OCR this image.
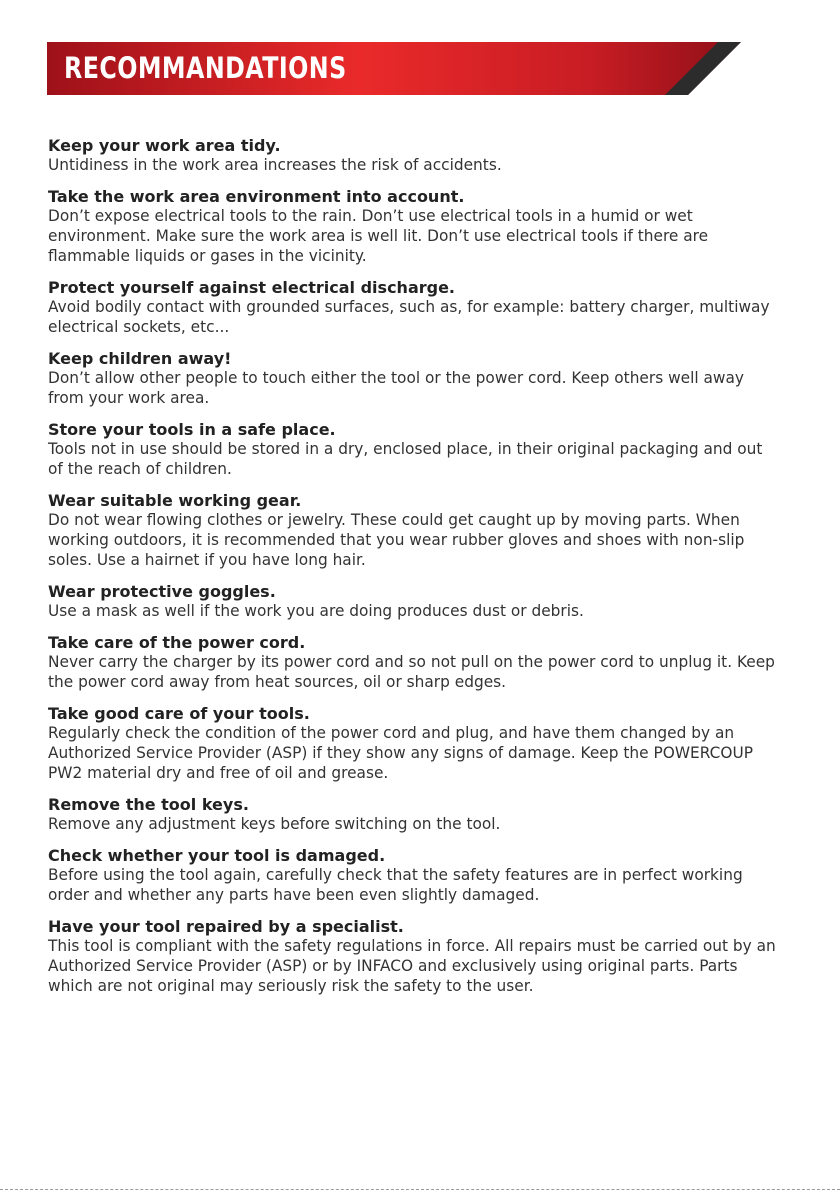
RECOMMANDATIONS
Keep your work area tidy.
Untidiness in the work area increases the risk of accidents.
Take the work area environment into account.
Don’t expose electrical tools to the rain. Don’t use electrical tools in a humid or wet environment. Make sure the work area is well lit. Don’t use electrical tools if there are flammable liquids or gases in the vicinity.
Protect yourself against electrical discharge.
Avoid bodily contact with grounded surfaces, such as, for example: battery charger, multiway electrical sockets, etc...
Keep children away!
Don’t allow other people to touch either the tool or the power cord. Keep others well away from your work area.
Store your tools in a safe place.
Tools not in use should be stored in a dry, enclosed place, in their original packaging and out of the reach of children.
Wear suitable working gear.
Do not wear flowing clothes or jewelry. These could get caught up by moving parts. When working outdoors, it is recommended that you wear rubber gloves and shoes with non-slip soles. Use a hairnet if you have long hair.
Wear protective goggles.
Use a mask as well if the work you are doing produces dust or debris.
Take care of the power cord.
Never carry the charger by its power cord and so not pull on the power cord to unplug it. Keep the power cord away from heat sources, oil or sharp edges.
Take good care of your tools.
Regularly check the condition of the power cord and plug, and have them changed by an Authorized Service Provider (ASP) if they show any signs of damage. Keep the POWERCOUP PW2 material dry and free of oil and grease.
Remove the tool keys.
Remove any adjustment keys before switching on the tool.
Check whether your tool is damaged.
Before using the tool again, carefully check that the safety features are in perfect working order and whether any parts have been even slightly damaged.
Have your tool repaired by a specialist.
This tool is compliant with the safety regulations in force. All repairs must be carried out by an Authorized Service Provider (ASP) or by INFACO and exclusively using original parts. Parts which are not original may seriously risk the safety to the user.
